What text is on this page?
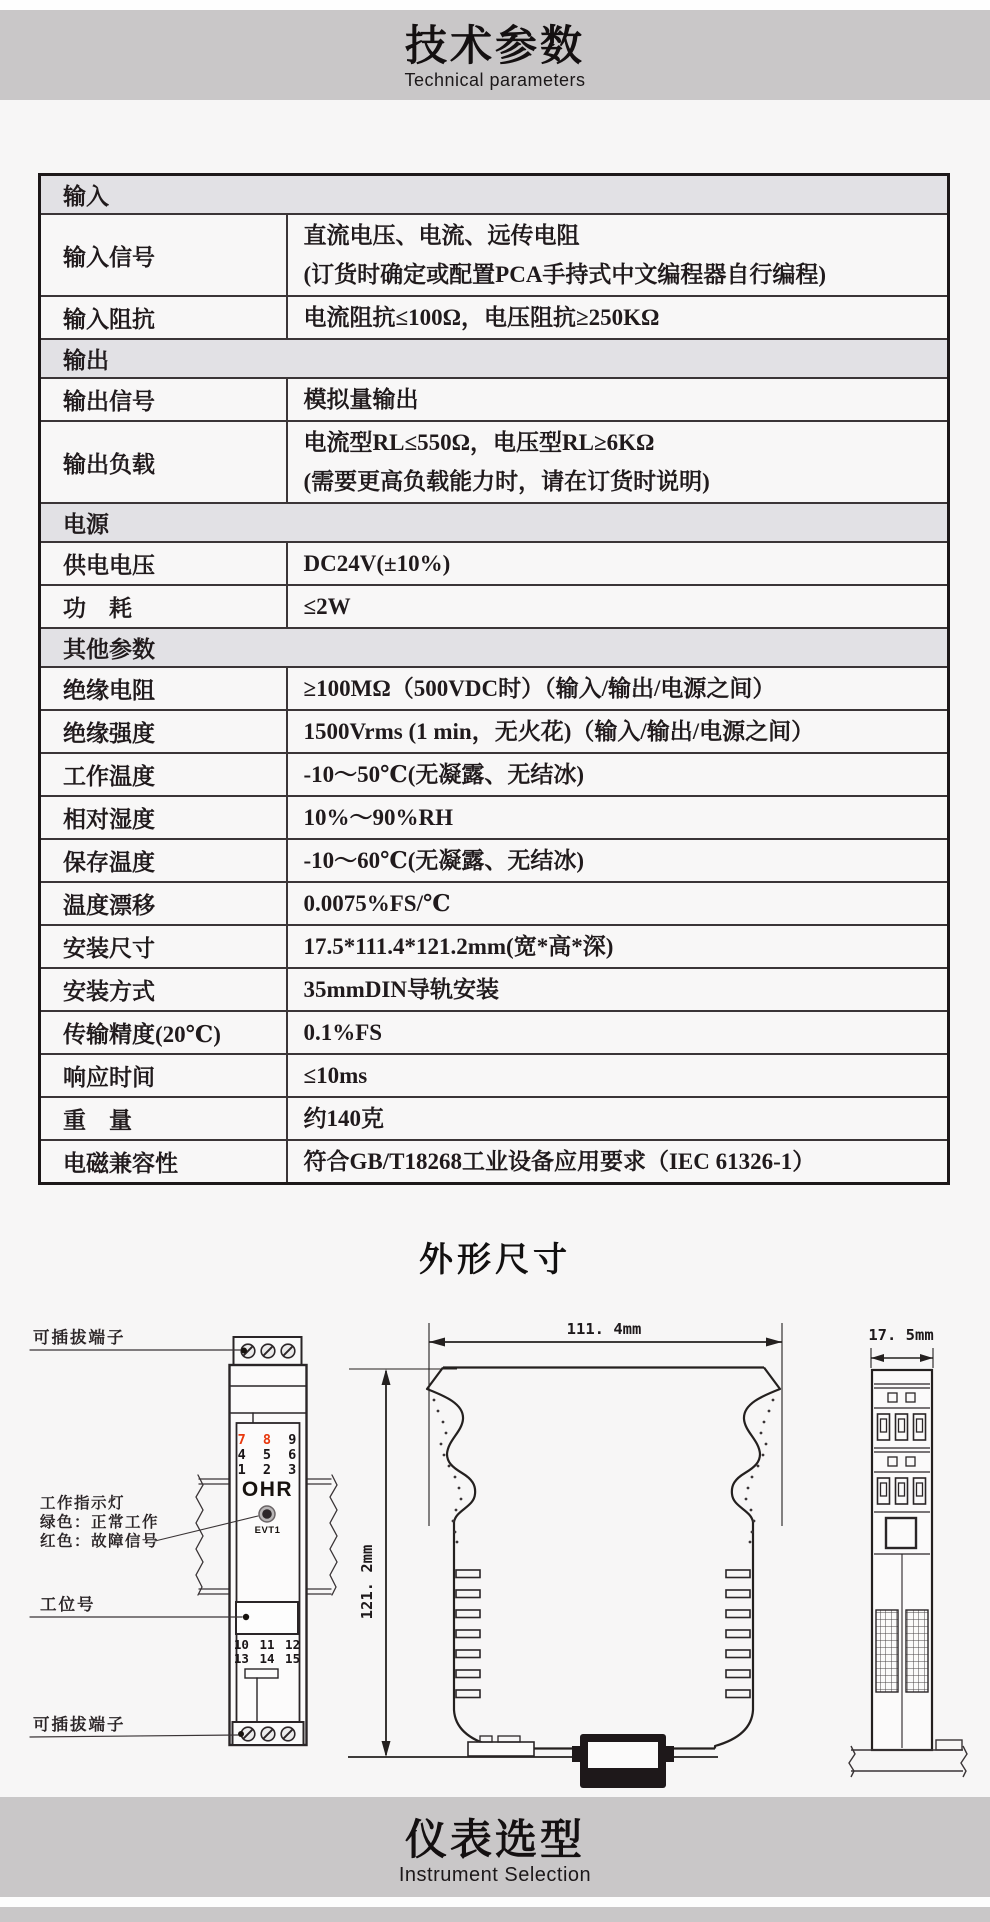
技术参数
Technical parameters
输入	
输入信号	直流电压、电流、远传电阻
(订货时确定或配置PCA手持式中文编程器自行编程)

输入阻抗	电流阻抗≤100Ω，电压阻抗≥250KΩ

输出	
输出信号	模拟量输出

输出负载	电流型RL≤550Ω，电压型RL≥6KΩ
(需要更高负载能力时，请在订货时说明)

电源	
供电电压	DC24V(±10%)

功　耗	≤2W

其他参数	
绝缘电阻	≥100MΩ（500VDC时）（输入/输出/电源之间）

绝缘强度	1500Vrms (1 min，无火花)（输入/输出/电源之间）

工作温度	-10～50℃(无凝露、无结冰)

相对湿度	10%～90%RH

保存温度	-10～60℃(无凝露、无结冰)

温度漂移	0.0075%FS/℃

安装尺寸	17.5*111.4*121.2mm(宽*高*深)

安装方式	35mmDIN导轨安装

传输精度(20℃)	0.1%FS

响应时间	≤10ms

重　量	约140克

电磁兼容性	符合GB/T18268工业设备应用要求（IEC 61326-1）
外形尺寸
7 8 9
4 5 6
1 2 3
OHR
EVT1
10 11 12
13 14 15
可插拔端子
工作指示灯
绿色：正常工作
红色：故障信号
工位号
可插拔端子
111. 4mm
121. 2mm
17. 5mm
仪表选型
Instrument Selection
